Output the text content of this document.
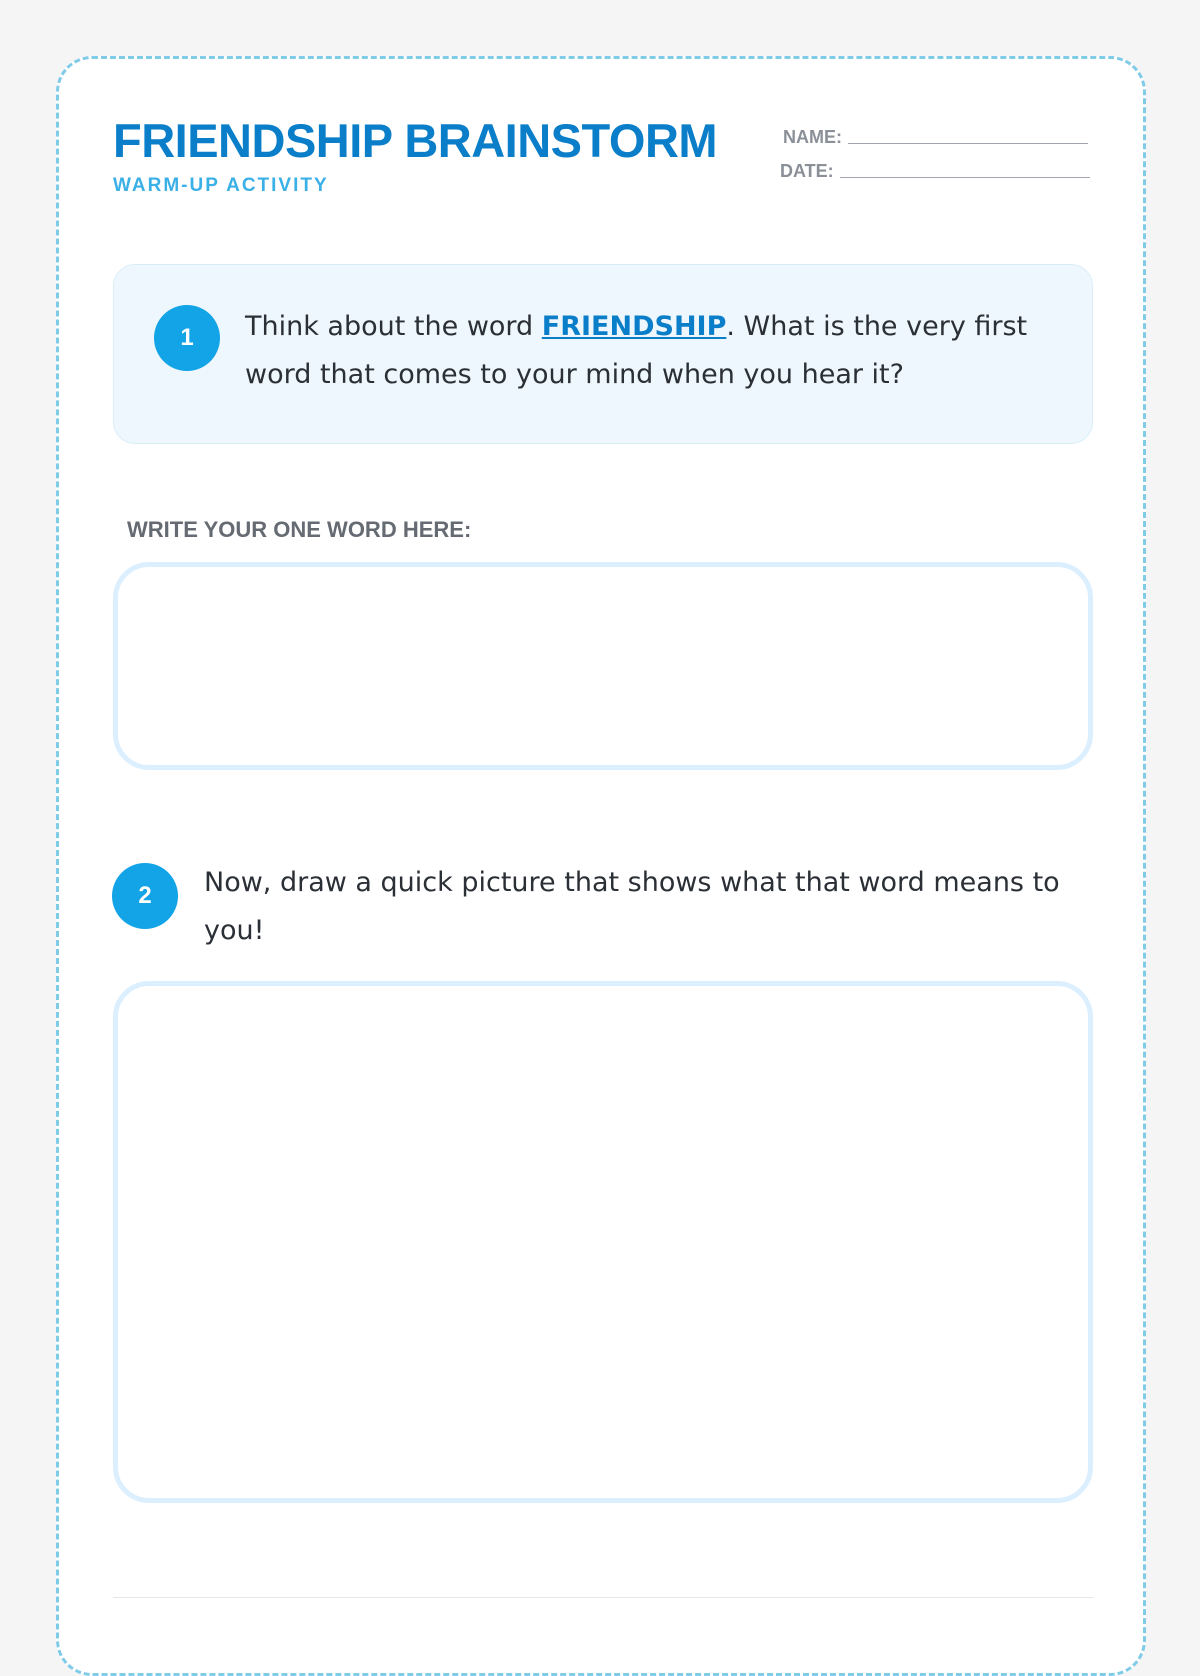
FRIENDSHIP BRAINSTORM
WARM-UP ACTIVITY
NAME:
DATE:
1	Think about the word FRIENDSHIP. What is the very first word that comes to your mind when you hear it?
WRITE YOUR ONE WORD HERE:
2	Now, draw a quick picture that shows what that word means to you!
